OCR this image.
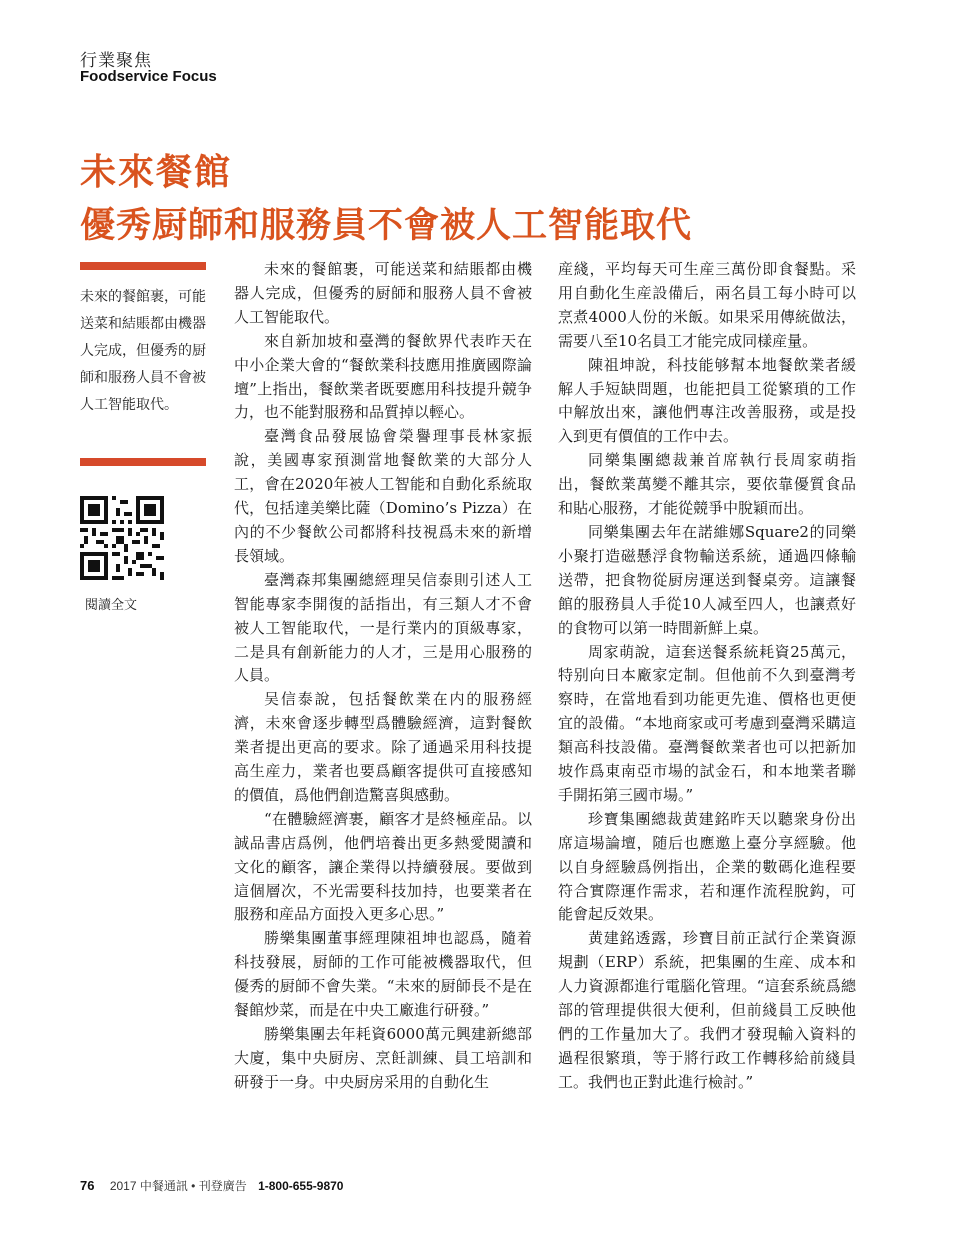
行業聚焦
Foodservice Focus
未來餐館
優秀厨師和服務員不會被人工智能取代
未來的餐館裹，可能送菜和結賬都由機器人完成，但優秀的厨師和服務人員不會被人工智能取代。
閱讀全文

未來的餐館裹，可能送菜和結賬都由機器人完成，但優秀的厨師和服務人員不會被人工智能取代。

來自新加坡和臺灣的餐飲界代表昨天在中小企業大會的“餐飲業科技應用推廣國際論壇”上指出，餐飲業者既要應用科技提升競争力，也不能對服務和品質掉以輕心。

臺灣食品發展協會榮譽理事長林家振說，美國專家預測當地餐飲業的大部分人工，會在2020年被人工智能和自動化系統取代，包括達美樂比薩（Domino’s Pizza）在內的不少餐飲公司都將科技視爲未來的新增長領域。

臺灣森邦集團總經理吴信泰則引述人工智能專家李開復的話指出，有三類人才不會被人工智能取代，一是行業内的頂級專家，二是具有創新能力的人才，三是用心服務的人員。

吴信泰說，包括餐飲業在内的服務經濟，未來會逐步轉型爲體驗經濟，這對餐飲業者提出更高的要求。除了通過采用科技提高生産力，業者也要爲顧客提供可直接感知的價值，爲他們創造驚喜與感動。

“在體驗經濟裹，顧客才是終極産品。以誠品書店爲例，他們培養出更多熱愛閱讀和文化的顧客，讓企業得以持續發展。要做到這個層次，不光需要科技加持，也要業者在服務和産品方面投入更多心思。”

勝樂集團董事經理陳祖坤也認爲，隨着科技發展，厨師的工作可能被機器取代，但優秀的厨師不會失業。“未來的厨師長不是在餐館炒菜，而是在中央工廠進行研發。”

勝樂集團去年耗資6000萬元興建新總部大廈，集中央厨房、烹飪訓練、員工培訓和研發于一身。中央厨房采用的自動化生

産綫，平均每天可生産三萬份即食餐點。采用自動化生産設備后，兩名員工每小時可以烹煮4000人份的米飯。如果采用傳統做法，需要八至10名員工才能完成同樣産量。

陳祖坤說，科技能够幫本地餐飲業者緩解人手短缺問題，也能把員工從繁瑣的工作中解放出來，讓他們專注改善服務，或是投入到更有價值的工作中去。

同樂集團總裁兼首席執行長周家萌指出，餐飲業萬變不離其宗，要依靠優質食品和貼心服務，才能從競爭中脫穎而出。

同樂集團去年在諾維娜Square2的同樂小聚打造磁懸浮食物輸送系統，通過四條輸送帶，把食物從厨房運送到餐桌旁。這讓餐館的服務員人手從10人减至四人，也讓煮好的食物可以第一時間新鮮上桌。

周家萌說，這套送餐系統耗資25萬元，特别向日本廠家定制。但他前不久到臺灣考察時，在當地看到功能更先進、價格也更便宜的設備。“本地商家或可考慮到臺灣采購這類高科技設備。臺灣餐飲業者也可以把新加坡作爲東南亞市場的試金石，和本地業者聯手開拓第三國市場。”

珍寶集團總裁黄建銘昨天以聽衆身份出席這場論壇，随后也應邀上臺分享經驗。他以自身經驗爲例指出，企業的數碼化進程要符合實際運作需求，若和運作流程脫鈎，可能會起反效果。

黄建銘透露，珍寶目前正試行企業資源規劃（ERP）系統，把集團的生産、成本和人力資源都進行電腦化管理。“這套系統爲總部的管理提供很大便利，但前綫員工反映他們的工作量加大了。我們才發現輸入資料的過程很繁瑣，等于將行政工作轉移給前綫員工。我們也正對此進行檢討。”

76 2017 中餐通訊 • 刊登廣告 1-800-655-9870
